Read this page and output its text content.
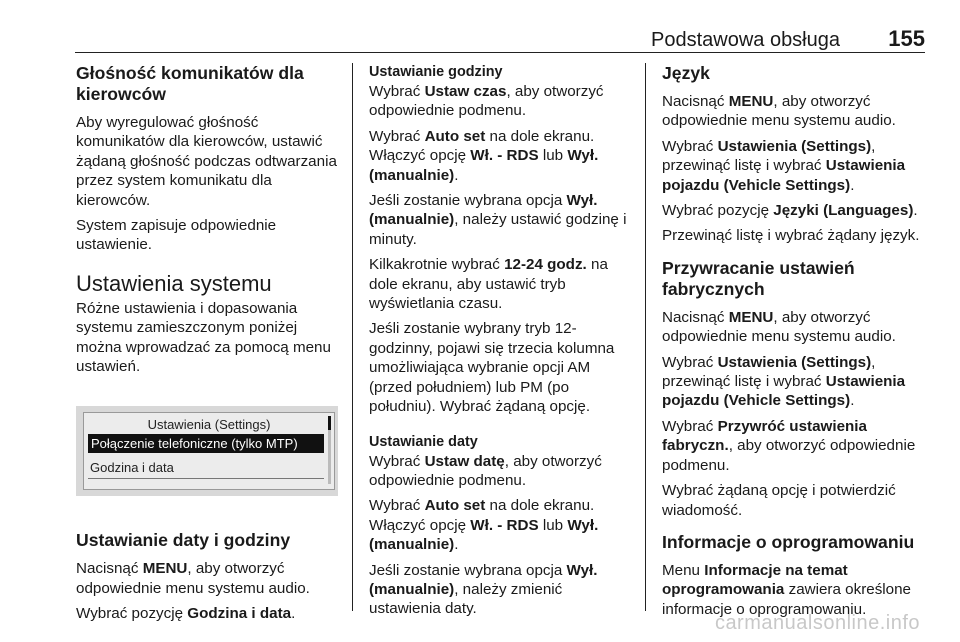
Podstawowa obsługa 155
Głośność komunikatów dla kierowców

Aby wyregulować głośność komunikatów dla kierowców, ustawić żądaną głośność podczas odtwarzania przez system komunikatu dla kierowców.

System zapisuje odpowiednie ustawienie.

Ustawienia systemu

Różne ustawienia i dopasowania systemu zamieszczonym poniżej można wprowadzać za pomocą menu ustawień.

Ustawienia (Settings)
Połączenie telefoniczne (tylko MTP)
Godzina i data
Ustawianie daty i godziny

Nacisnąć MENU, aby otworzyć odpowiednie menu systemu audio.

Wybrać pozycję Godzina i data.

Ustawianie godziny

Wybrać Ustaw czas, aby otworzyć odpowiednie podmenu.

Wybrać Auto set na dole ekranu. Włączyć opcję Wł. - RDS lub Wył. (manualnie).

Jeśli zostanie wybrana opcja Wył. (manualnie), należy ustawić godzinę i minuty.

Kilkakrotnie wybrać 12-24 godz. na dole ekranu, aby ustawić tryb wyświetlania czasu.

Jeśli zostanie wybrany tryb 12-godzinny, pojawi się trzecia kolumna umożliwiająca wybranie opcji AM (przed południem) lub PM (po południu). Wybrać żądaną opcję.

Ustawianie daty

Wybrać Ustaw datę, aby otworzyć odpowiednie podmenu.

Wybrać Auto set na dole ekranu. Włączyć opcję Wł. - RDS lub Wył. (manualnie).

Jeśli zostanie wybrana opcja Wył. (manualnie), należy zmienić ustawienia daty.

Język

Nacisnąć MENU, aby otworzyć odpowiednie menu systemu audio.

Wybrać Ustawienia (Settings), przewinąć listę i wybrać Ustawienia pojazdu (Vehicle Settings).

Wybrać pozycję Języki (Languages).

Przewinąć listę i wybrać żądany język.

Przywracanie ustawień fabrycznych

Nacisnąć MENU, aby otworzyć odpowiednie menu systemu audio.

Wybrać Ustawienia (Settings), przewinąć listę i wybrać Ustawienia pojazdu (Vehicle Settings).

Wybrać Przywróć ustawienia fabryczn., aby otworzyć odpowiednie podmenu.

Wybrać żądaną opcję i potwierdzić wiadomość.

Informacje o oprogramowaniu

Menu Informacje na temat oprogramowania zawiera określone informacje o oprogramowaniu.

carmanualsonline.info
